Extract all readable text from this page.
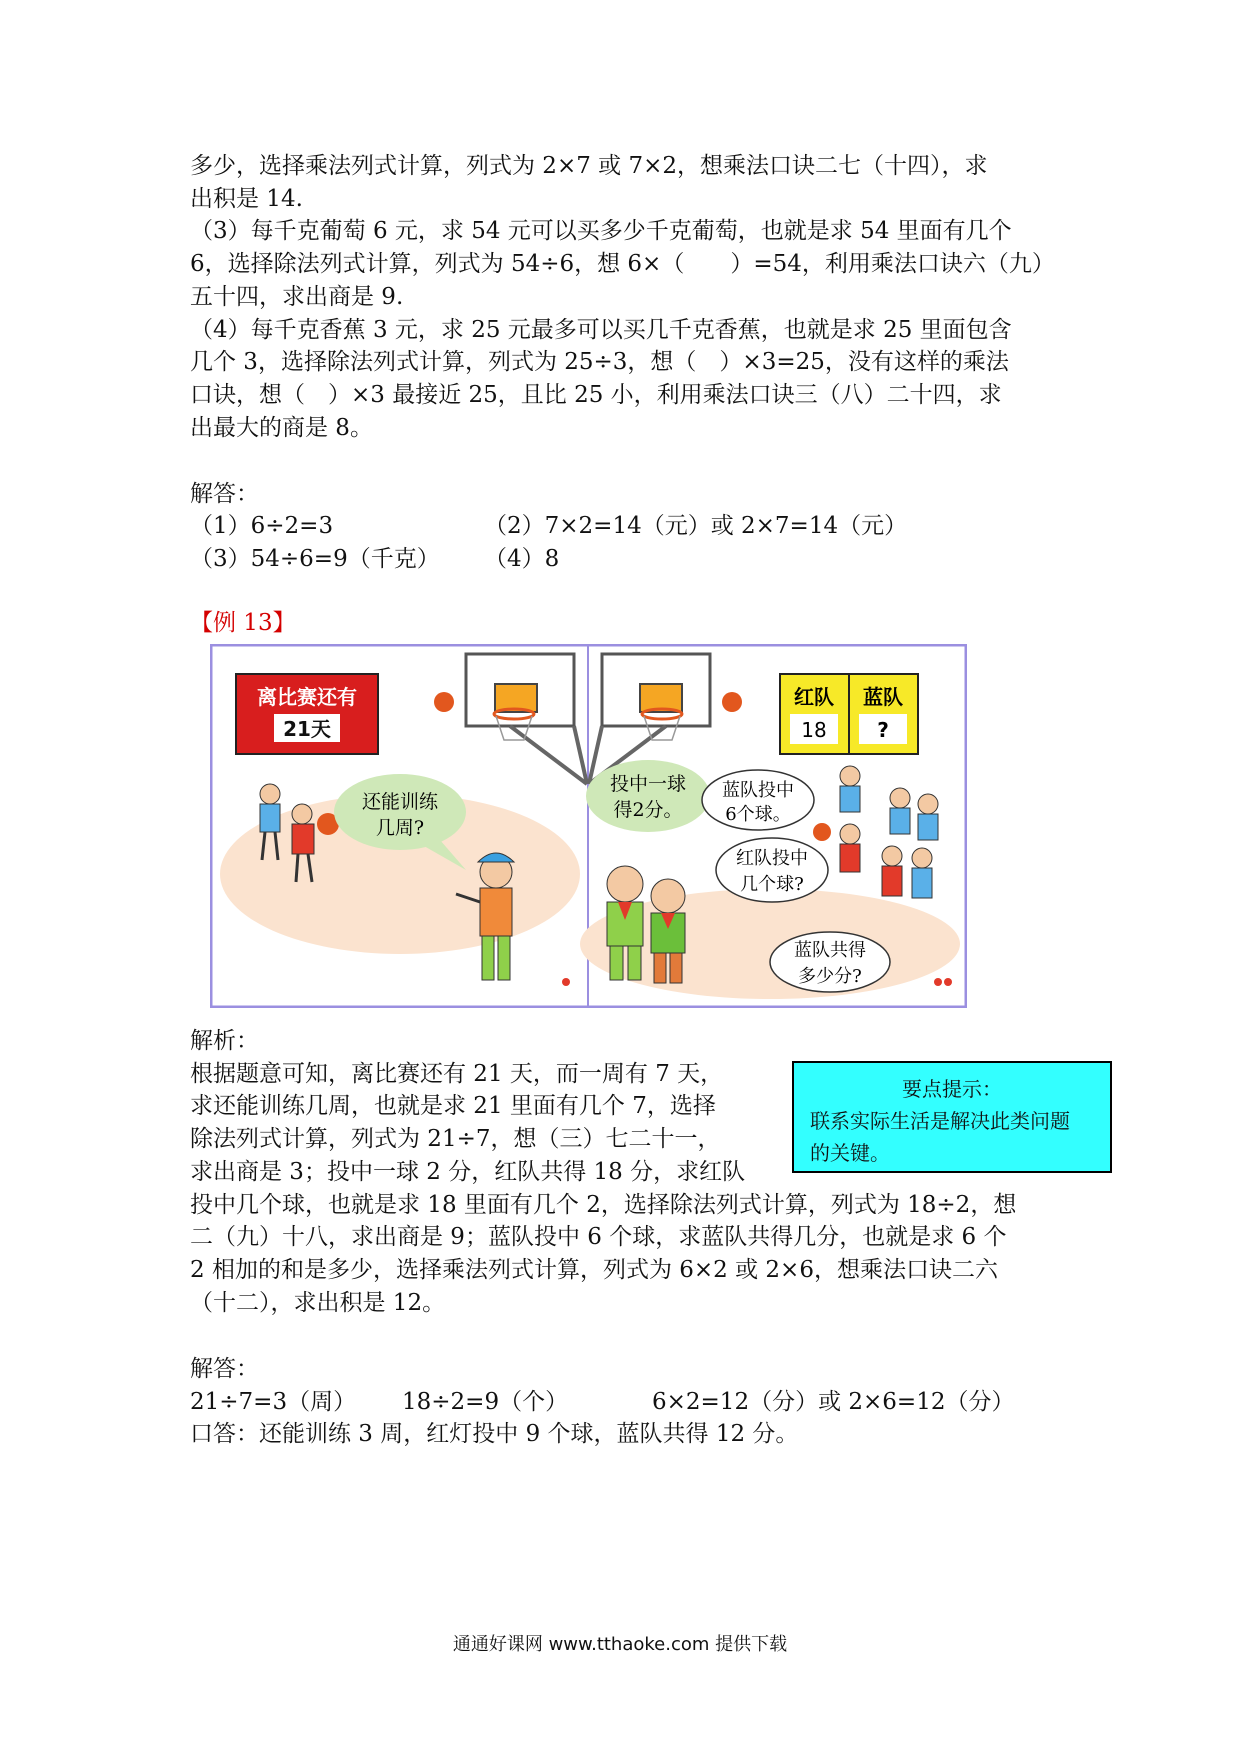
多少，选择乘法列式计算，列式为 2×7 或 7×2，想乘法口诀二七（十四），求
出积是 14.
（3）每千克葡萄 6 元，求 54 元可以买多少千克葡萄，也就是求 54 里面有几个
6，选择除法列式计算，列式为 54÷6，想 6×（　　）=54，利用乘法口诀六（九）
五十四，求出商是 9.
（4）每千克香蕉 3 元，求 25 元最多可以买几千克香蕉，也就是求 25 里面包含
几个 3，选择除法列式计算，列式为 25÷3，想（　）×3=25，没有这样的乘法
口诀，想（　）×3 最接近 25，且比 25 小，利用乘法口诀三（八）二十四，求
出最大的商是 8。
解答：
（1）6÷2=3	（2）7×2=14（元）或 2×7=14（元）
（3）54÷6=9（千克） （4）8
【例 13】
离比赛还有
21天
红队 蓝队
18	?
还能训练
几周?
投中一球
得2分。
蓝队投中
6个球。
红队投中
几个球?
蓝队共得
多少分?
解析：
根据题意可知，离比赛还有 21 天，而一周有 7 天，
求还能训练几周，也就是求 21 里面有几个 7，选择
除法列式计算，列式为 21÷7，想（三）七二十一，
求出商是 3；投中一球 2 分，红队共得 18 分，求红队
投中几个球，也就是求 18 里面有几个 2，选择除法列式计算，列式为 18÷2，想
二（九）十八，求出商是 9；蓝队投中 6 个球，求蓝队共得几分，也就是求 6 个
2 相加的和是多少，选择乘法列式计算，列式为 6×2 或 2×6，想乘法口诀二六
（十二），求出积是 12。
要点提示：
联系实际生活是解决此类问题
的关键。
解答：
21÷7=3（周） 18÷2=9（个）	6×2=12（分）或 2×6=12（分）
口答：还能训练 3 周，红灯投中 9 个球，蓝队共得 12 分。
通通好课网 www.tthaoke.com 提供下载
